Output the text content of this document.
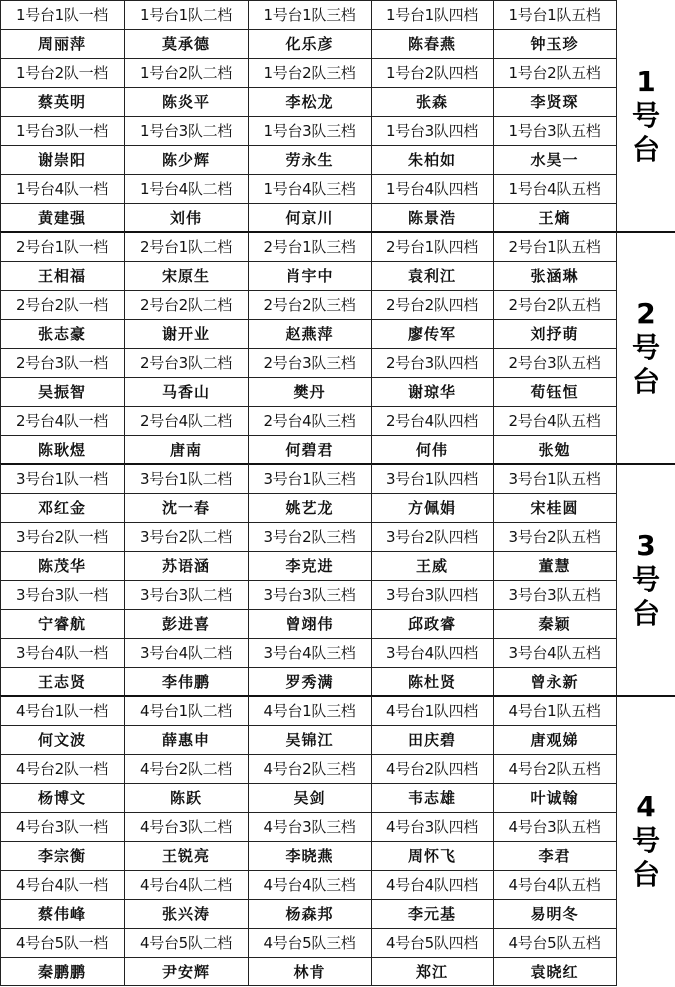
1号台1队一档	1号台1队二档	1号台1队三档	1号台1队四档	1号台1队五档
周丽萍	莫承德	化乐彦	陈春燕	钟玉珍
1号台2队一档	1号台2队二档	1号台2队三档	1号台2队四档	1号台2队五档
蔡英明	陈炎平	李松龙	张森	李贤琛
1号台3队一档	1号台3队二档	1号台3队三档	1号台3队四档	1号台3队五档
谢崇阳	陈少辉	劳永生	朱柏如	水昊一
1号台4队一档	1号台4队二档	1号台4队三档	1号台4队四档	1号台4队五档
黄建强	刘伟	何京川	陈景浩	王熵
1
号
台
2号台1队一档	2号台1队二档	2号台1队三档	2号台1队四档	2号台1队五档
王相福	宋原生	肖宇中	袁利江	张涵琳
2号台2队一档	2号台2队二档	2号台2队三档	2号台2队四档	2号台2队五档
张志豪	谢开业	赵燕萍	廖传军	刘抒萌
2号台3队一档	2号台3队二档	2号台3队三档	2号台3队四档	2号台3队五档
吴振智	马香山	樊丹	谢琼华	荀钰恒
2号台4队一档	2号台4队二档	2号台4队三档	2号台4队四档	2号台4队五档
陈耿煜	唐南	何碧君	何伟	张勉
2
号
台
3号台1队一档	3号台1队二档	3号台1队三档	3号台1队四档	3号台1队五档
邓红金	沈一春	姚艺龙	方佩娟	宋桂圆
3号台2队一档	3号台2队二档	3号台2队三档	3号台2队四档	3号台2队五档
陈茂华	苏语涵	李克进	王威	董慧
3号台3队一档	3号台3队二档	3号台3队三档	3号台3队四档	3号台3队五档
宁睿航	彭进喜	曾翊伟	邱政睿	秦颖
3号台4队一档	3号台4队二档	3号台4队三档	3号台4队四档	3号台4队五档
王志贤	李伟鹏	罗秀满	陈杜贤	曾永新
3
号
台
4号台1队一档	4号台1队二档	4号台1队三档	4号台1队四档	4号台1队五档
何文波	薛惠申	吴锦江	田庆碧	唐观娣
4号台2队一档	4号台2队二档	4号台2队三档	4号台2队四档	4号台2队五档
杨博文	陈跃	吴剑	韦志雄	叶诚翰
4号台3队一档	4号台3队二档	4号台3队三档	4号台3队四档	4号台3队五档
李宗衡	王锐亮	李晓燕	周怀飞	李君
4号台4队一档	4号台4队二档	4号台4队三档	4号台4队四档	4号台4队五档
蔡伟峰	张兴涛	杨森邦	李元基	易明冬
4号台5队一档	4号台5队二档	4号台5队三档	4号台5队四档	4号台5队五档
秦鹏鹏	尹安辉	林肯	郑江	袁晓红
4
号
台
